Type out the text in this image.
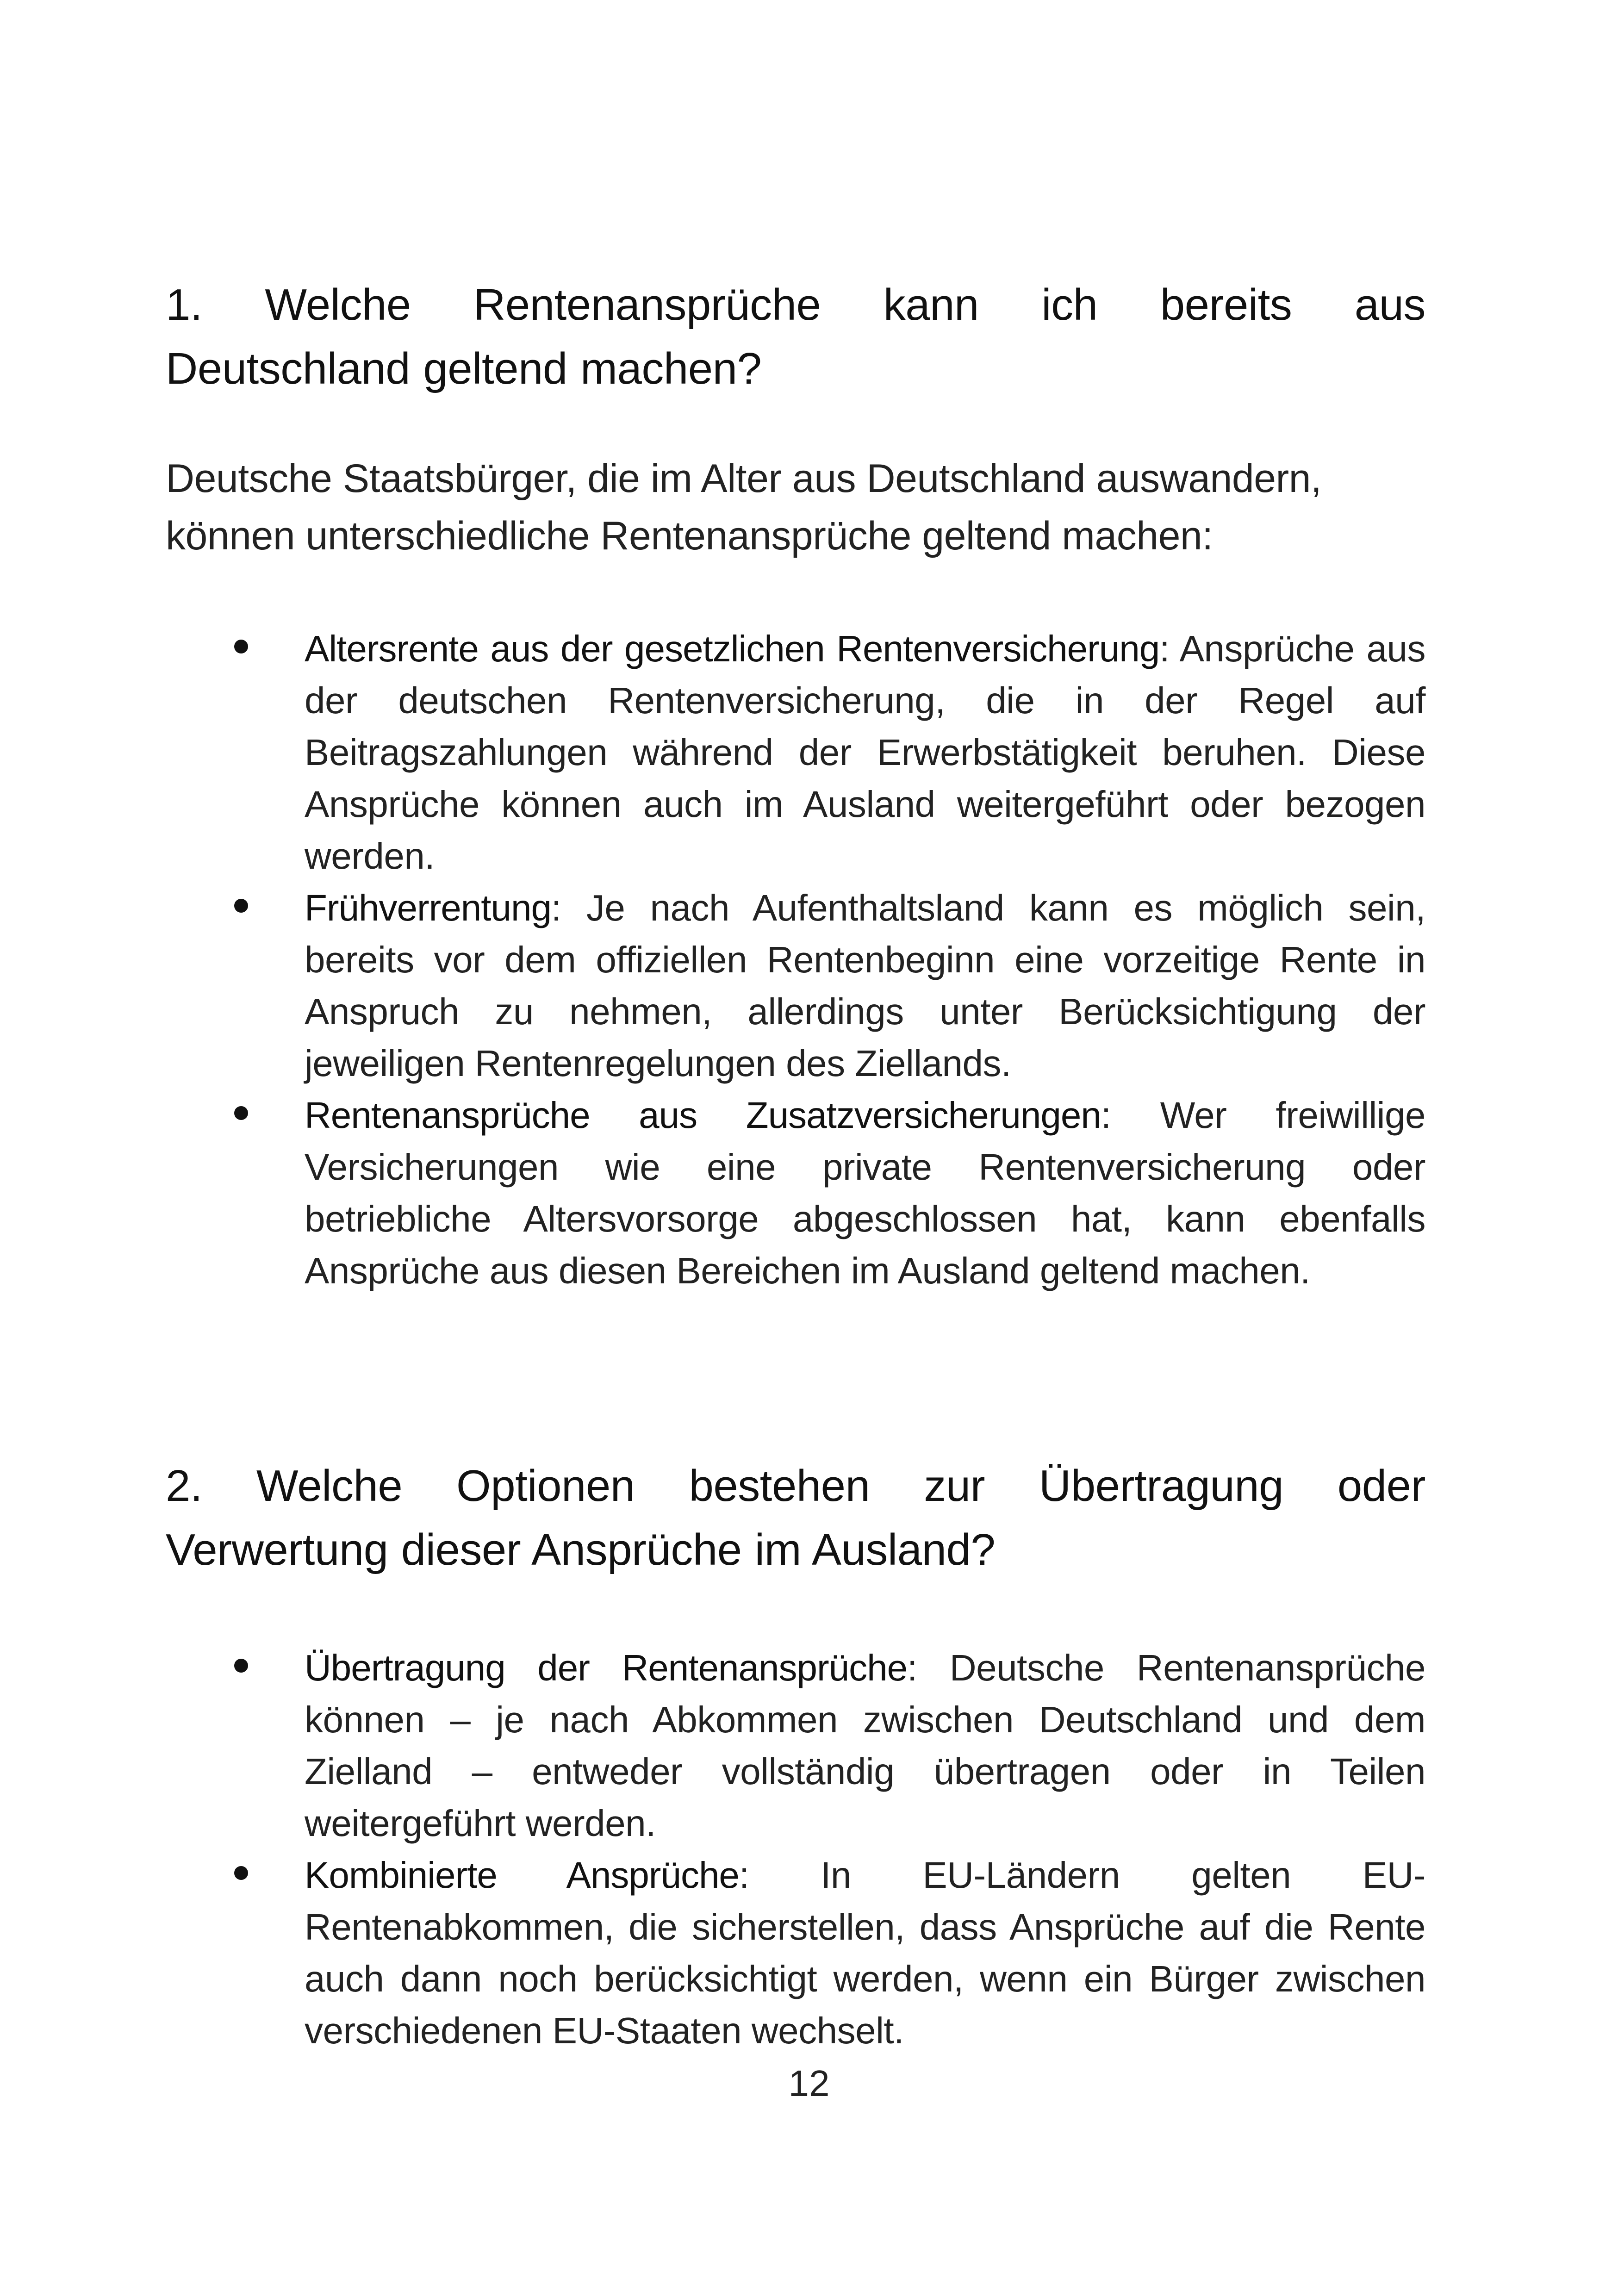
1. Welche Rentenansprüche kann ich bereits aus
Deutschland geltend machen?

Deutsche Staatsbürger, die im Alter aus Deutschland auswandern,
können unterschiedliche Rentenansprüche geltend machen:

Altersrente aus der gesetzlichen Rentenversicherung: Ansprüche aus der deutschen Rentenversicherung, die in der Regel auf Beitragszahlungen während der Erwerbstätigkeit beruhen. Diese Ansprüche können auch im Ausland weitergeführt oder bezogen werden.
Frühverrentung: Je nach Aufenthaltsland kann es möglich sein, bereits vor dem offiziellen Rentenbeginn eine vorzeitige Rente in Anspruch zu nehmen, allerdings unter Berücksichtigung der jeweiligen Rentenregelungen des Ziellands.
Rentenansprüche aus Zusatzversicherungen: Wer freiwillige Versicherungen wie eine private Rentenversicherung oder betriebliche Altersvorsorge abgeschlossen hat, kann ebenfalls Ansprüche aus diesen Bereichen im Ausland geltend machen.
2. Welche Optionen bestehen zur Übertragung oder
Verwertung dieser Ansprüche im Ausland?
Übertragung der Rentenansprüche: Deutsche Rentenansprüche können – je nach Abkommen zwischen Deutschland und dem Zielland – entweder vollständig übertragen oder in Teilen weitergeführt werden.
Kombinierte Ansprüche: In EU-Ländern gelten EU-Rentenabkommen, die sicherstellen, dass Ansprüche auf die Rente auch dann noch berücksichtigt werden, wenn ein Bürger zwischen verschiedenen EU-Staaten wechselt.
12
